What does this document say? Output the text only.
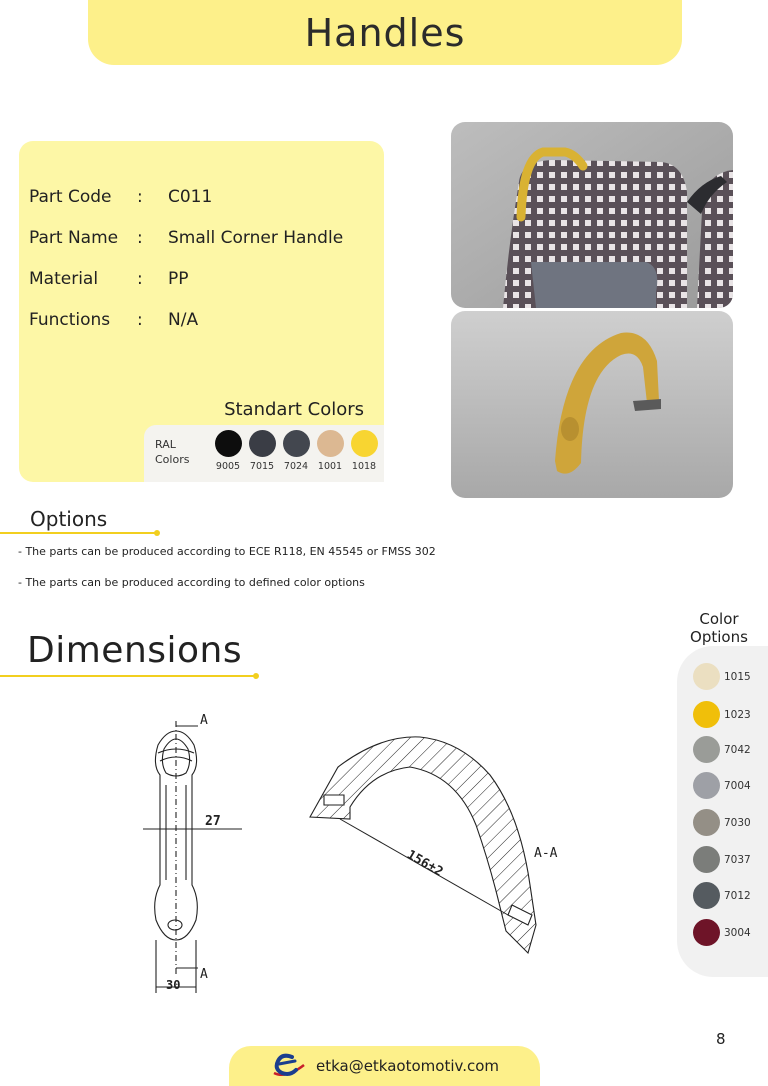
Handles
Part Code	:	C011
Part Name	:	Small Corner Handle
Material	:	PP
Functions	:	N/A
Standart Colors
RAL
Colors
9005 7015 7024 1001 1018
Options
- The parts can be produced according to ECE R118, EN 45545 or FMSS 302
- The parts can be produced according to defined color options
Dimensions
A
A
27
30
156±2	A-A
Color
Options
1015
1023
7042
7004
7030
7037
7012
3004
8
etka@etkaotomotiv.com
